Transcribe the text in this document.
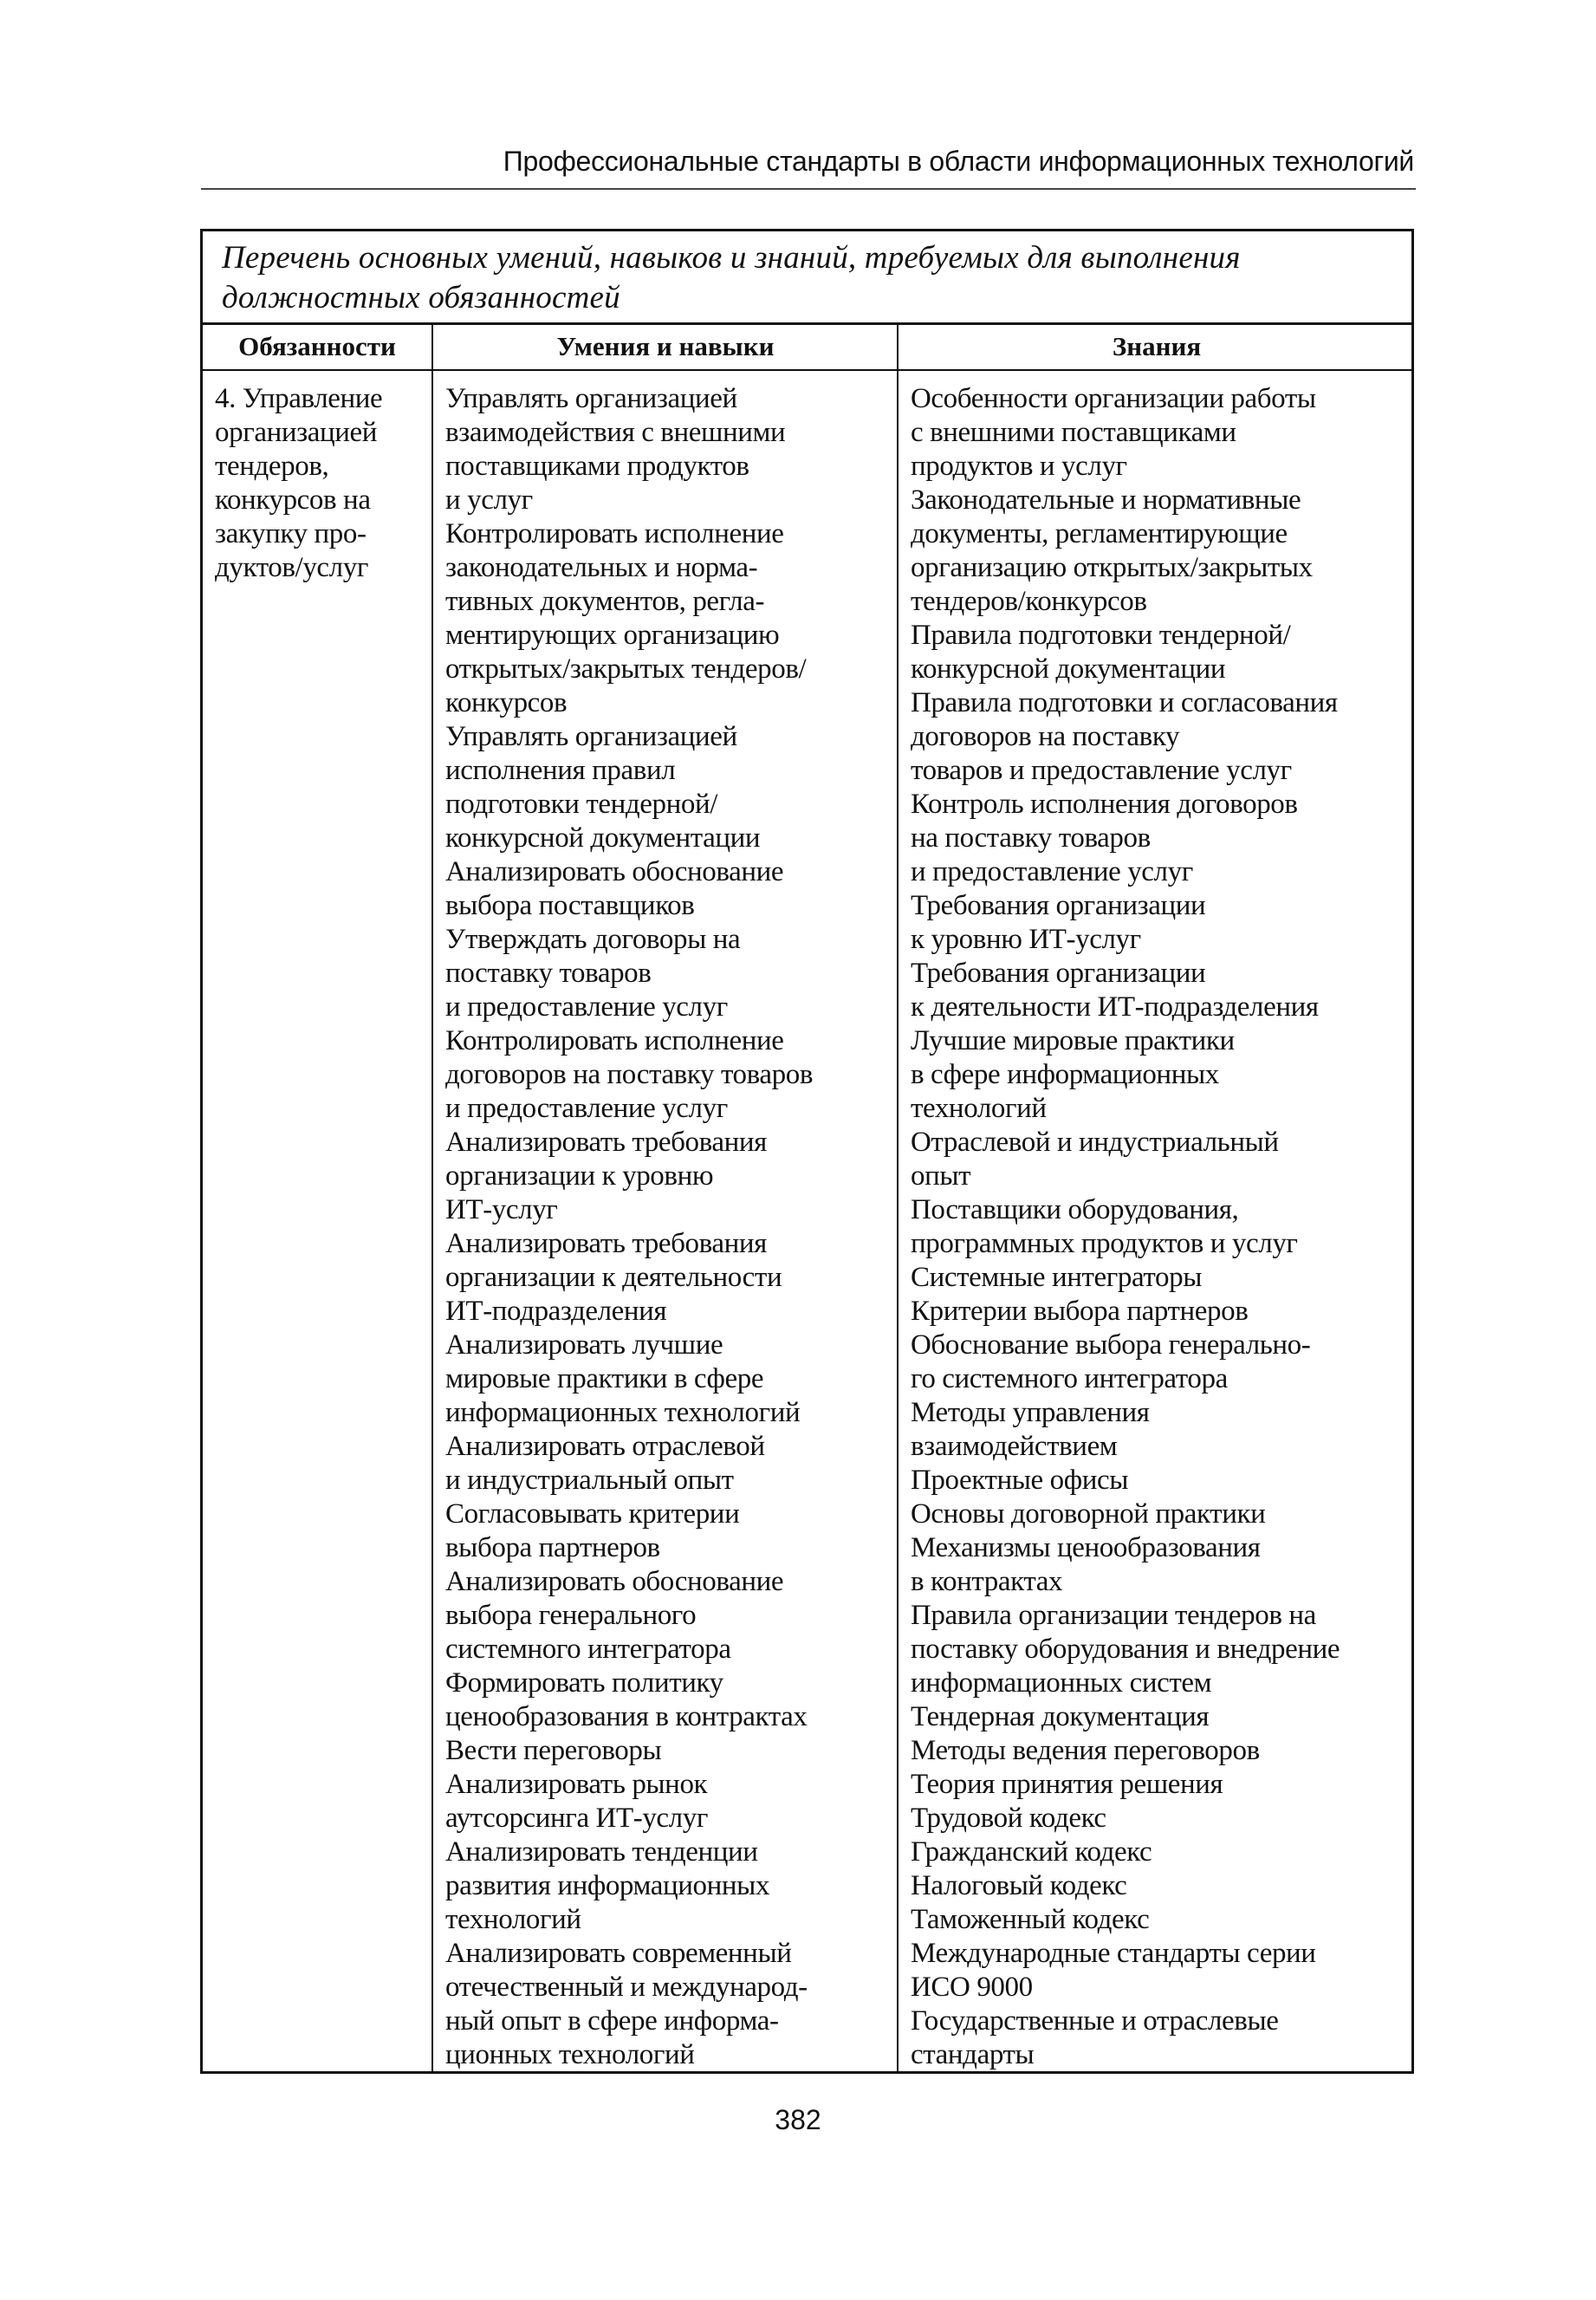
Профессиональные стандарты в области информационных технологий
Перечень основных умений, навыков и знаний, требуемых для выполнения должностных обязанностей
Обязанности	Умения и навыки	Знания
4. Управление
организацией
тендеров,
конкурсов на
закупку про-
дуктов/услуг
Управлять организацией
взаимодействия с внешними
поставщиками продуктов
и услуг
Контролировать исполнение
законодательных и норма-
тивных документов, регла-
ментирующих организацию
открытых/закрытых тендеров/
конкурсов
Управлять организацией
исполнения правил
подготовки тендерной/
конкурсной документации
Анализировать обоснование
выбора поставщиков
Утверждать договоры на
поставку товаров
и предоставление услуг
Контролировать исполнение
договоров на поставку товаров
и предоставление услуг
Анализировать требования
организации к уровню
ИТ-услуг
Анализировать требования
организации к деятельности
ИТ-подразделения
Анализировать лучшие
мировые практики в сфере
информационных технологий
Анализировать отраслевой
и индустриальный опыт
Согласовывать критерии
выбора партнеров
Анализировать обоснование
выбора генерального
системного интегратора
Формировать политику
ценообразования в контрактах
Вести переговоры
Анализировать рынок
аутсорсинга ИТ-услуг
Анализировать тенденции
развития информационных
технологий
Анализировать современный
отечественный и международ-
ный опыт в сфере информа-
ционных технологий
Особенности организации работы
с внешними поставщиками
продуктов и услуг
Законодательные и нормативные
документы, регламентирующие
организацию открытых/закрытых
тендеров/конкурсов
Правила подготовки тендерной/
конкурсной документации
Правила подготовки и согласования
договоров на поставку
товаров и предоставление услуг
Контроль исполнения договоров
на поставку товаров
и предоставление услуг
Требования организации
к уровню ИТ-услуг
Требования организации
к деятельности ИТ-подразделения
Лучшие мировые практики
в сфере информационных
технологий
Отраслевой и индустриальный
опыт
Поставщики оборудования,
программных продуктов и услуг
Системные интеграторы
Критерии выбора партнеров
Обоснование выбора генерально-
го системного интегратора
Методы управления
взаимодействием
Проектные офисы
Основы договорной практики
Механизмы ценообразования
в контрактах
Правила организации тендеров на
поставку оборудования и внедрение
информационных систем
Тендерная документация
Методы ведения переговоров
Теория принятия решения
Трудовой кодекс
Гражданский кодекс
Налоговый кодекс
Таможенный кодекс
Международные стандарты серии
ИСО 9000
Государственные и отраслевые
стандарты
382
